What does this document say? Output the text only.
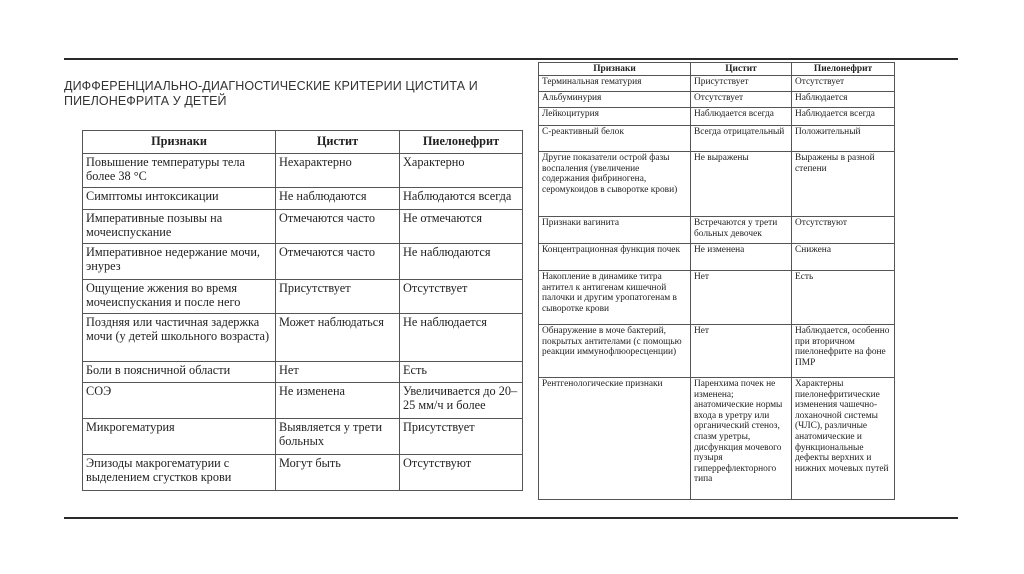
ДИФФЕРЕНЦИАЛЬНО-ДИАГНОСТИЧЕСКИЕ КРИТЕРИИ ЦИСТИТА И ПИЕЛОНЕФРИТА У ДЕТЕЙ
Признаки	Цистит	Пиелонефрит
Повышение температуры тела более 38 °С	Нехарактерно	Характерно
Симптомы интоксикации	Не наблюдаются	Наблюдаются всегда
Императивные позывы на мочеиспускание	Отмечаются часто	Не отмечаются
Императивное недержание мочи, энурез	Отмечаются часто	Не наблюдаются
Ощущение жжения во время мочеиспускания и после него	Присутствует	Отсутствует
Поздняя или частичная задержка мочи (у детей школьного возраста)	Может наблюдаться	Не наблюдается
Боли в поясничной области	Нет	Есть
СОЭ	Не изменена	Увеличивается до 20–25 мм/ч и более
Микрогематурия	Выявляется у трети больных	Присутствует
Эпизоды макрогематурии с выделением сгустков крови	Могут быть	Отсутствуют
Признаки	Цистит	Пиелонефрит
Терминальная гематурия	Присутствует	Отсутствует
Альбуминурия	Отсутствует	Наблюдается
Лейкоцитурия	Наблюдается всегда	Наблюдается всегда
С-реактивный белок	Всегда отрицательный	Положительный
Другие показатели острой фазы воспаления (увеличение содержания фибриногена, серомукоидов в сыворотке крови)	Не выражены	Выражены в разной степени
Признаки вагинита	Встречаются у трети больных девочек	Отсутствуют
Концентрационная функция почек	Не изменена	Снижена
Накопление в динамике титра антител к антигенам кишечной палочки и другим уропатогенам в сыворотке крови	Нет	Есть
Обнаружение в моче бактерий, покрытых антителами (с помощью реакции иммунофлюоресценции)	Нет	Наблюдается, особенно при вторичном пиелонефрите на фоне ПМР
Рентгенологические признаки	Паренхима почек не изменена; анатомические нормы входа в уретру или органический стеноз, спазм уретры, дисфункция мочевого пузыря гиперрефлекторного типа	Характерны пиелонефритические изменения чашечно-лоханочной системы (ЧЛС), различные анатомические и функциональные дефекты верхних и нижних мочевых путей
